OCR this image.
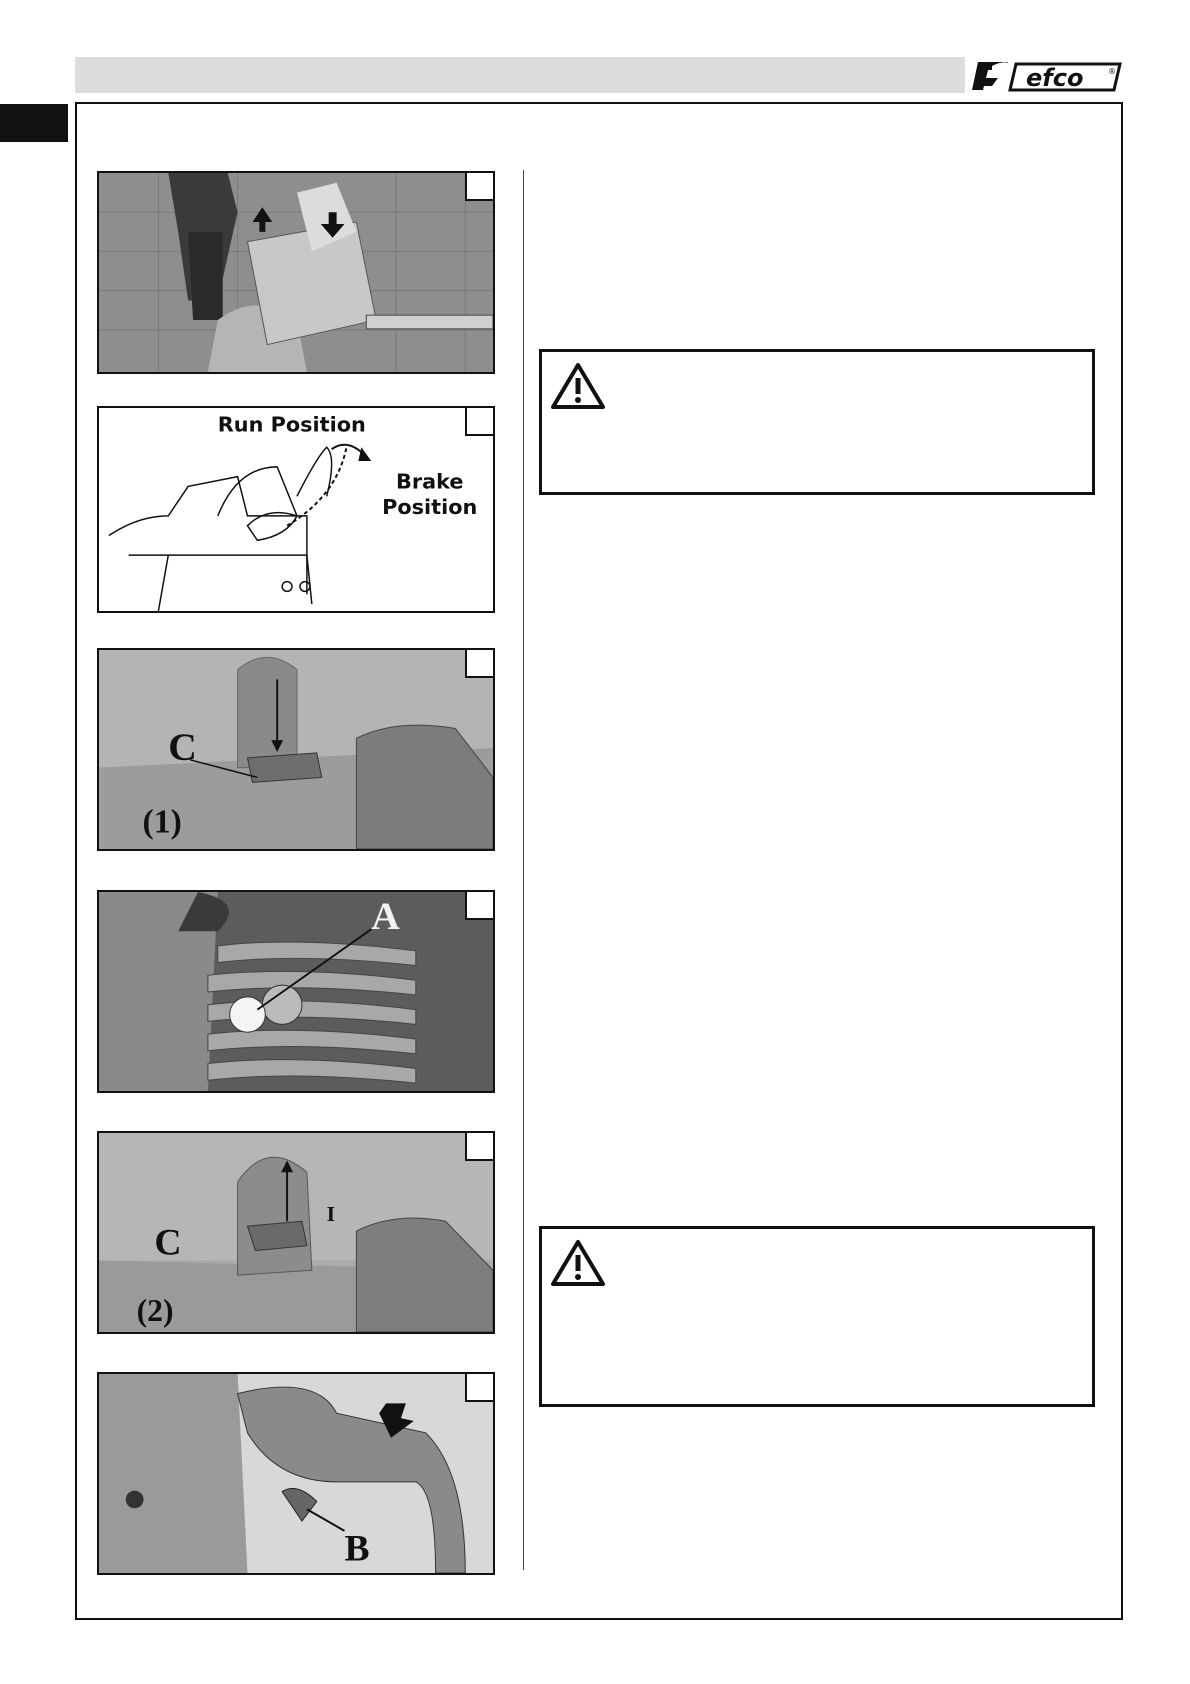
efco	®
Run Position
Brake
Position
C
(1)
A
C
(2)
I
B
